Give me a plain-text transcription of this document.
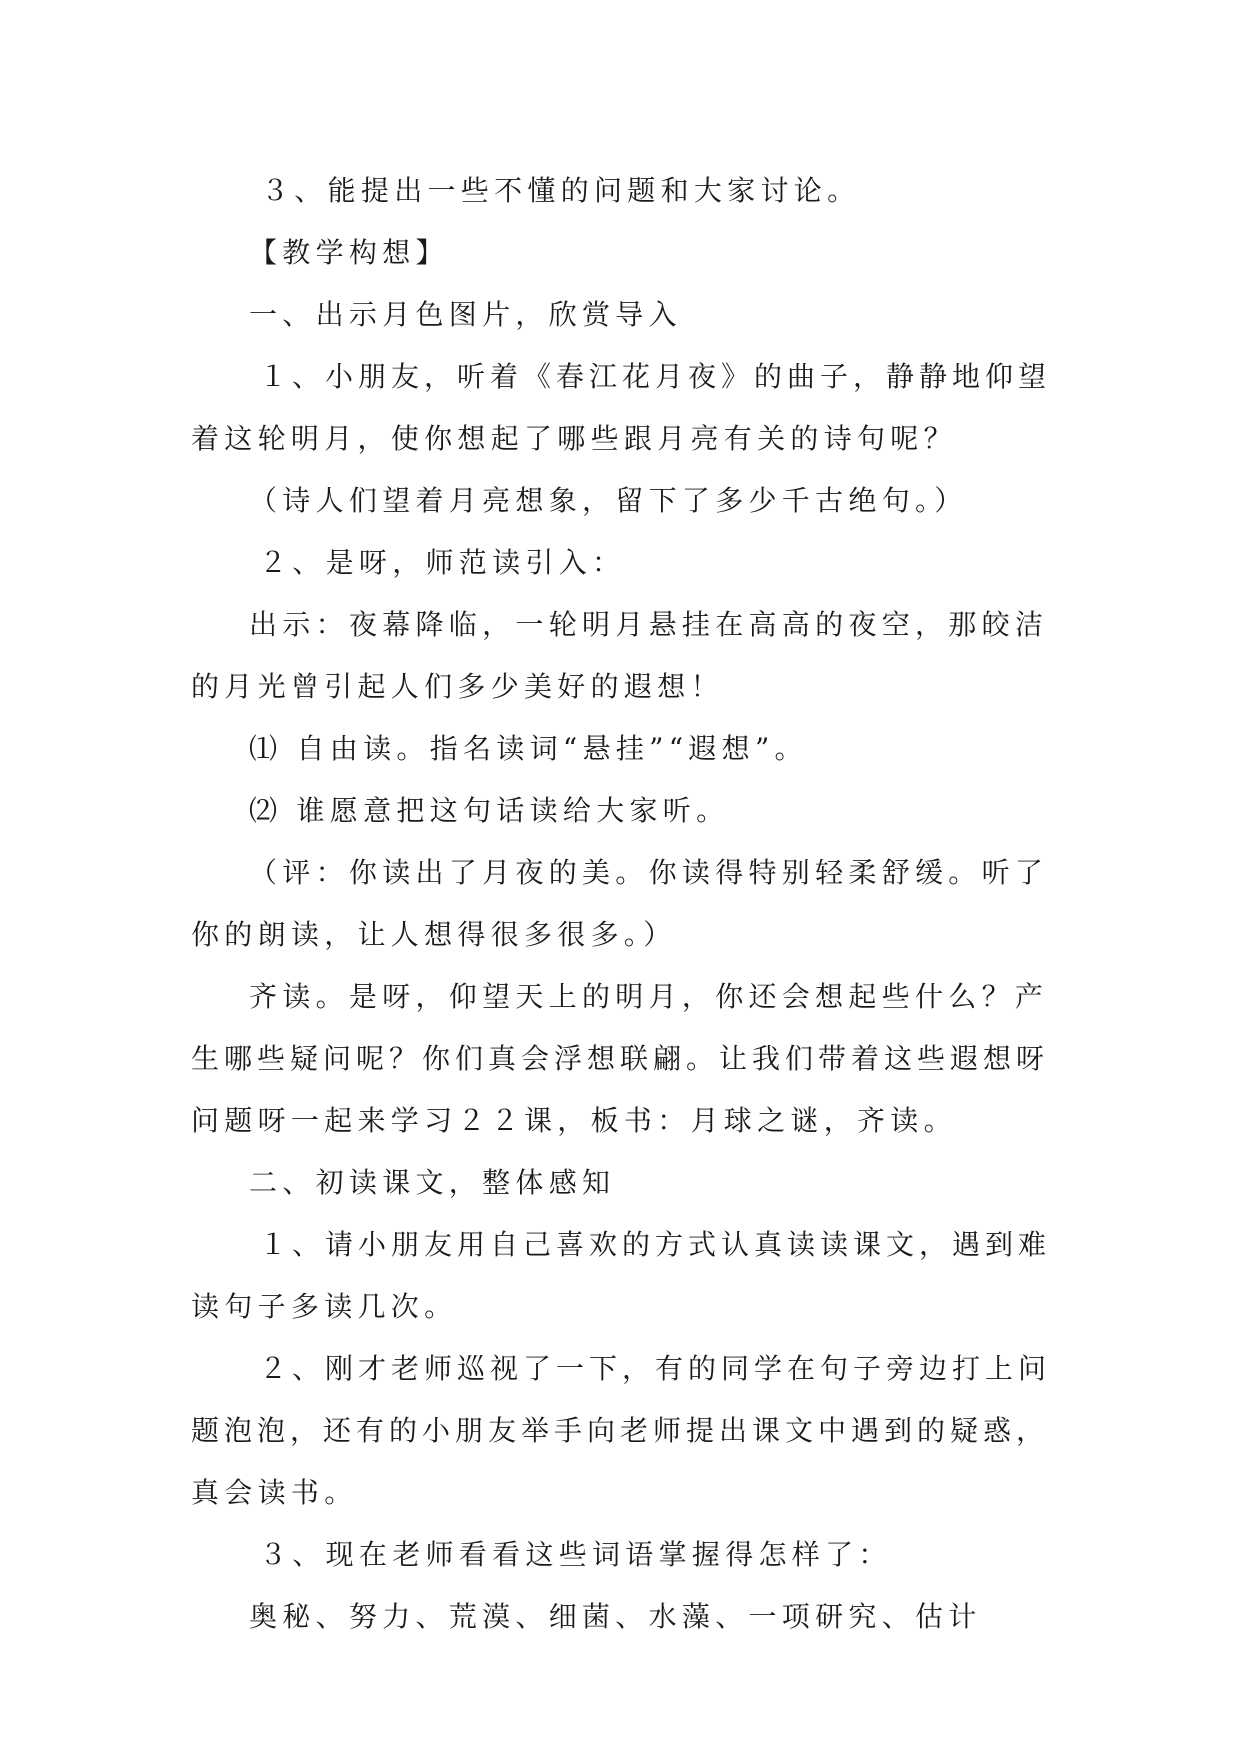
３、能提出一些不懂的问题和大家讨论。
【教学构想】
一、出示月色图片，欣赏导入
１、小朋友，听着《春江花月夜》的曲子，静静地仰望
着这轮明月，使你想起了哪些跟月亮有关的诗句呢？
（诗人们望着月亮想象，留下了多少千古绝句。）
２、是呀，师范读引入：
出示：夜幕降临，一轮明月悬挂在高高的夜空，那皎洁
的月光曾引起人们多少美好的遐想！
⑴ 自由读。指名读词“悬挂”“遐想”。
⑵ 谁愿意把这句话读给大家听。
（评：你读出了月夜的美。你读得特别轻柔舒缓。听了
你的朗读，让人想得很多很多。）
齐读。是呀，仰望天上的明月，你还会想起些什么？产
生哪些疑问呢？你们真会浮想联翩。让我们带着这些遐想呀
问题呀一起来学习２２课，板书：月球之谜，齐读。
二、初读课文，整体感知
１、请小朋友用自己喜欢的方式认真读读课文，遇到难
读句子多读几次。
２、刚才老师巡视了一下，有的同学在句子旁边打上问
题泡泡，还有的小朋友举手向老师提出课文中遇到的疑惑，
真会读书。
３、现在老师看看这些词语掌握得怎样了：
奥秘、努力、荒漠、细菌、水藻、一项研究、估计
